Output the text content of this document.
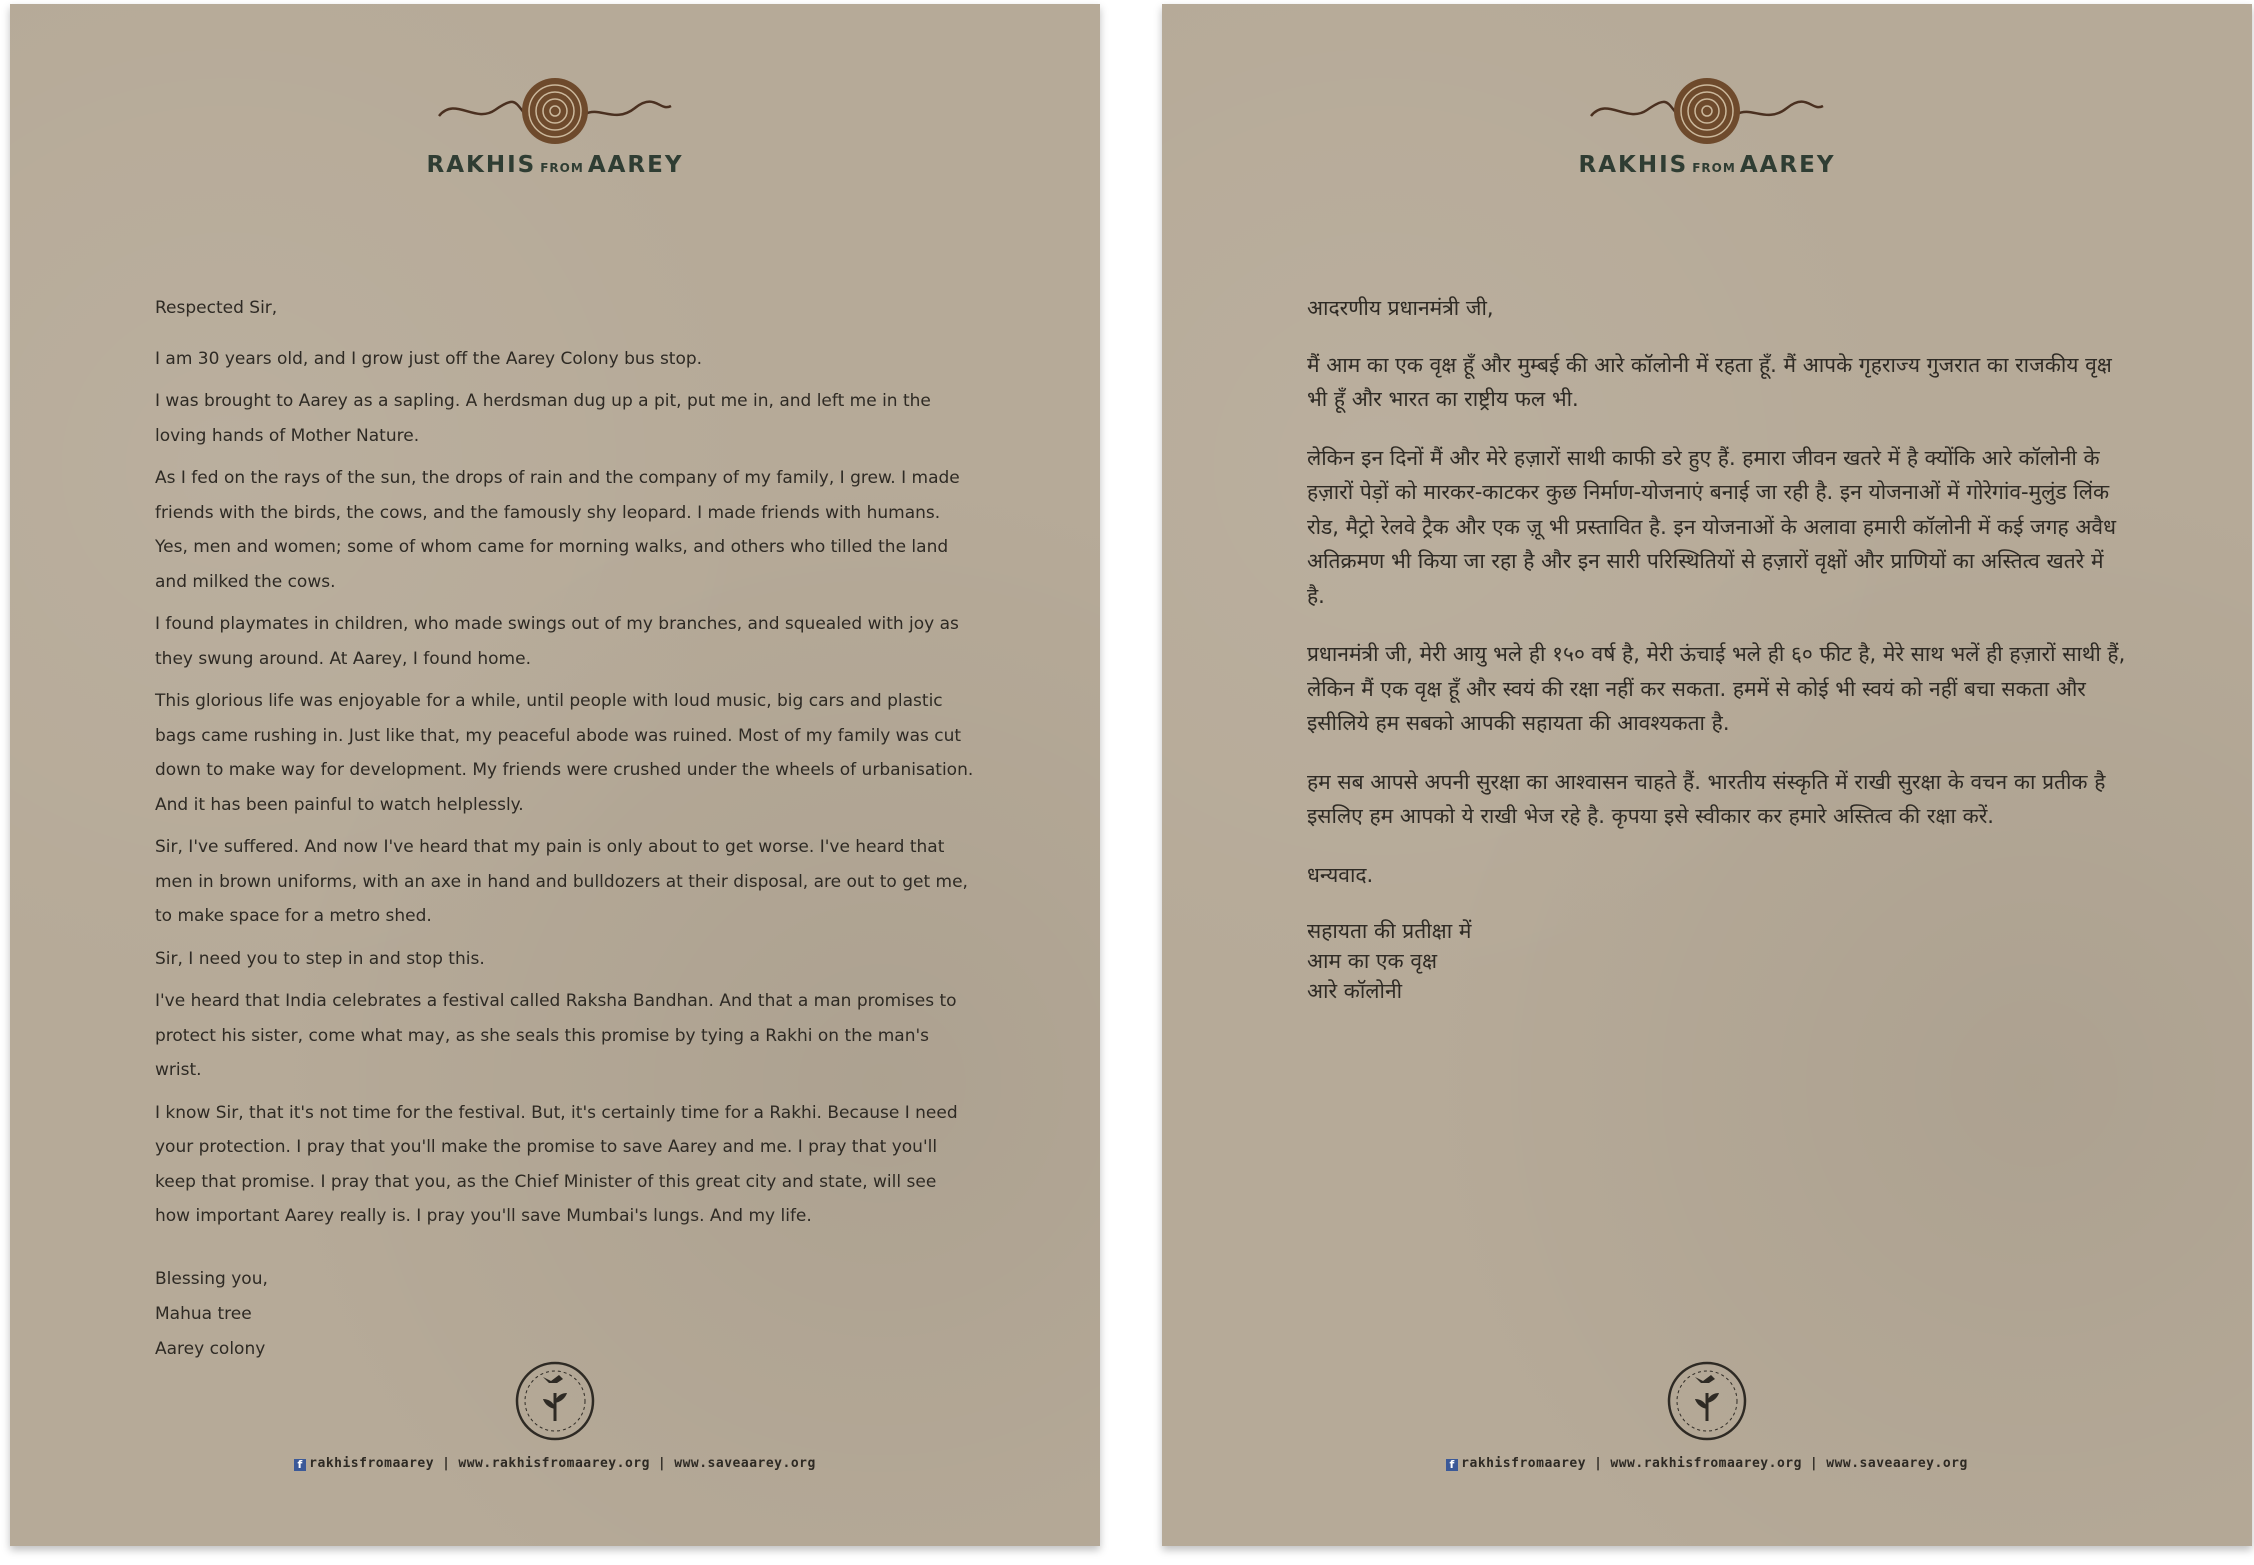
RAKHIS FROM AAREY

Respected Sir,

I am 30 years old, and I grow just off the Aarey Colony bus stop.

I was brought to Aarey as a sapling. A herdsman dug up a pit, put me in, and left me in the loving hands of Mother Nature.

As I fed on the rays of the sun, the drops of rain and the company of my family, I grew. I made friends with the birds, the cows, and the famously shy leopard. I made friends with humans. Yes, men and women; some of whom came for morning walks, and others who tilled the land and milked the cows.

I found playmates in children, who made swings out of my branches, and squealed with joy as they swung around. At Aarey, I found home.

This glorious life was enjoyable for a while, until people with loud music, big cars and plastic bags came rushing in. Just like that, my peaceful abode was ruined. Most of my family was cut down to make way for development. My friends were crushed under the wheels of urbanisation. And it has been painful to watch helplessly.

Sir, I've suffered. And now I've heard that my pain is only about to get worse. I've heard that men in brown uniforms, with an axe in hand and bulldozers at their disposal, are out to get me, to make space for a metro shed.

Sir, I need you to step in and stop this.

I've heard that India celebrates a festival called Raksha Bandhan. And that a man promises to protect his sister, come what may, as she seals this promise by tying a Rakhi on the man's wrist.

I know Sir, that it's not time for the festival. But, it's certainly time for a Rakhi. Because I need your protection. I pray that you'll make the promise to save Aarey and me. I pray that you'll keep that promise. I pray that you, as the Chief Minister of this great city and state, will see how important Aarey really is. I pray you'll save Mumbai's lungs. And my life.

Blessing you,
Mahua tree
Aarey colony
f rakhisfromaarey | www.rakhisfromaarey.org | www.saveaarey.org
RAKHIS FROM AAREY

आदरणीय प्रधानमंत्री जी,

मैं आम का एक वृक्ष हूँ और मुम्बई की आरे कॉलोनी में रहता हूँ. मैं आपके गृहराज्य गुजरात का राजकीय वृक्ष भी हूँ और भारत का राष्ट्रीय फल भी.

लेकिन इन दिनों मैं और मेरे हज़ारों साथी काफी डरे हुए हैं. हमारा जीवन खतरे में है क्योंकि आरे कॉलोनी के हज़ारों पेड़ों को मारकर-काटकर कुछ निर्माण-योजनाएं बनाई जा रही है. इन योजनाओं में गोरेगांव-मुलुंड लिंक रोड, मैट्रो रेलवे ट्रैक और एक ज़ू भी प्रस्तावित है. इन योजनाओं के अलावा हमारी कॉलोनी में कई जगह अवैध अतिक्रमण भी किया जा रहा है और इन सारी परिस्थितियों से हज़ारों वृक्षों और प्राणियों का अस्तित्व खतरे में है.

प्रधानमंत्री जी, मेरी आयु भले ही १५० वर्ष है, मेरी ऊंचाई भले ही ६० फीट है, मेरे साथ भलें ही हज़ारों साथी हैं, लेकिन मैं एक वृक्ष हूँ और स्वयं की रक्षा नहीं कर सकता. हममें से कोई भी स्वयं को नहीं बचा सकता और इसीलिये हम सबको आपकी सहायता की आवश्यकता है.

हम सब आपसे अपनी सुरक्षा का आश्वासन चाहते हैं. भारतीय संस्कृति में राखी सुरक्षा के वचन का प्रतीक है इसलिए हम आपको ये राखी भेज रहे है. कृपया इसे स्वीकार कर हमारे अस्तित्व की रक्षा करें.

धन्यवाद.

सहायता की प्रतीक्षा में
आम का एक वृक्ष
आरे कॉलोनी
f rakhisfromaarey | www.rakhisfromaarey.org | www.saveaarey.org
